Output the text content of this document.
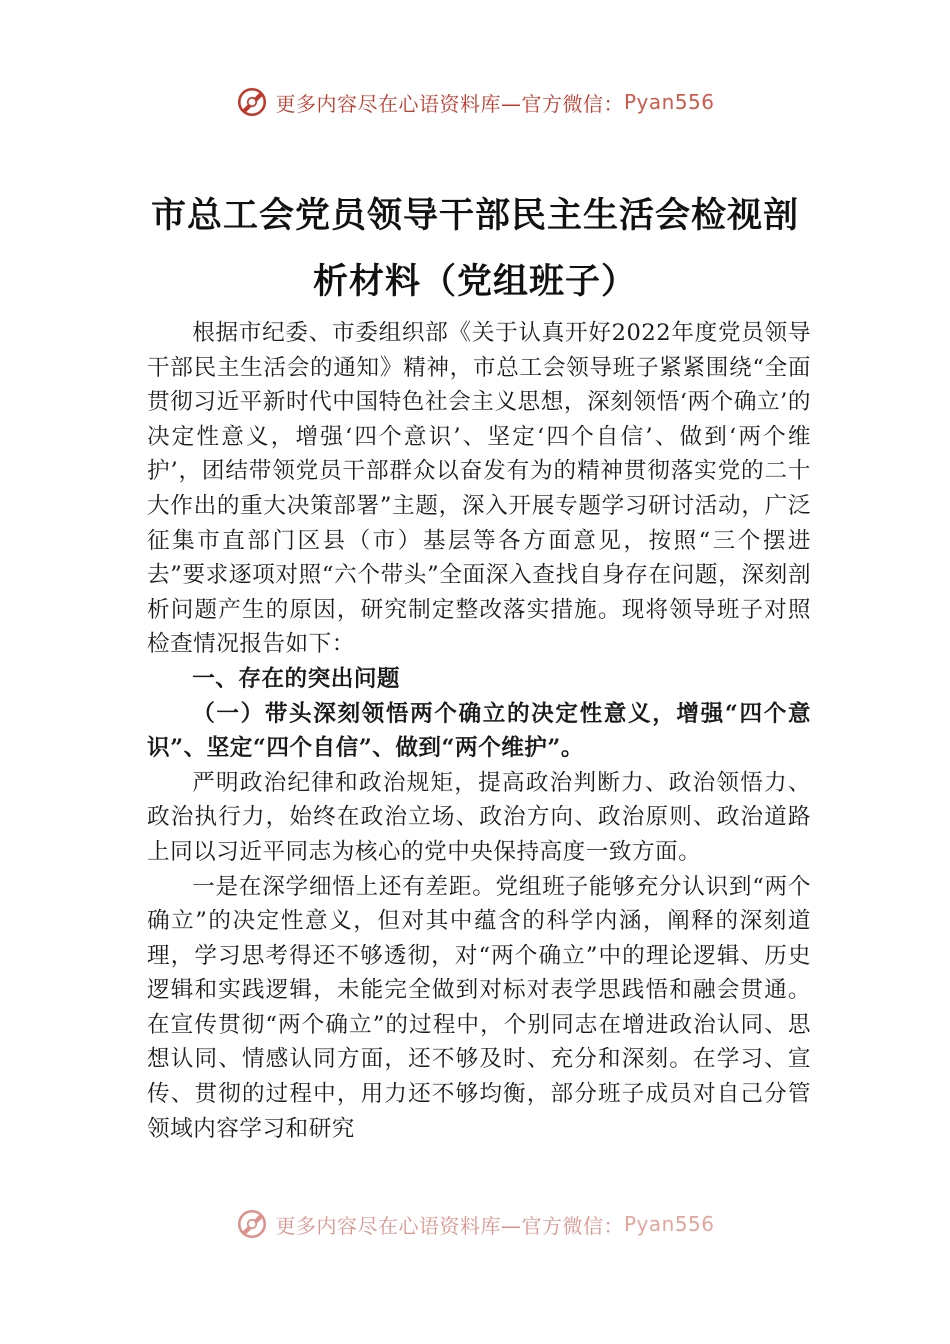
更多内容尽在心语资料库—官方微信： Pyan556
市总工会党员领导干部民主生活会检视剖
析材料（党组班子）

根据市纪委、市委组织部《关于认真开好2022年度党员领导干部民主生活会的通知》精神，市总工会领导班子紧紧围绕“全面贯彻习近平新时代中国特色社会主义思想，深刻领悟‘两个确立’的决定性意义，增强‘四个意识’、坚定‘四个自信’、做到‘两个维护’，团结带领党员干部群众以奋发有为的精神贯彻落实党的二十大作出的重大决策部署”主题，深入开展专题学习研讨活动，广泛征集市直部门区县（市）基层等各方面意见，按照“三个摆进去”要求逐项对照“六个带头”全面深入查找自身存在问题，深刻剖析问题产生的原因，研究制定整改落实措施。现将领导班子对照检查情况报告如下：

一、存在的突出问题

（一）带头深刻领悟两个确立的决定性意义，增强“四个意识”、坚定“四个自信”、做到“两个维护”。

严明政治纪律和政治规矩，提高政治判断力、政治领悟力、政治执行力，始终在政治立场、政治方向、政治原则、政治道路上同以习近平同志为核心的党中央保持高度一致方面。

一是在深学细悟上还有差距。党组班子能够充分认识到“两个确立”的决定性意义，但对其中蕴含的科学内涵，阐释的深刻道理，学习思考得还不够透彻，对“两个确立”中的理论逻辑、历史逻辑和实践逻辑，未能完全做到对标对表学思践悟和融会贯通。在宣传贯彻“两个确立”的过程中，个别同志在增进政治认同、思想认同、情感认同方面，还不够及时、充分和深刻。在学习、宣传、贯彻的过程中，用力还不够均衡，部分班子成员对自己分管领域内容学习和研究

更多内容尽在心语资料库—官方微信： Pyan556
